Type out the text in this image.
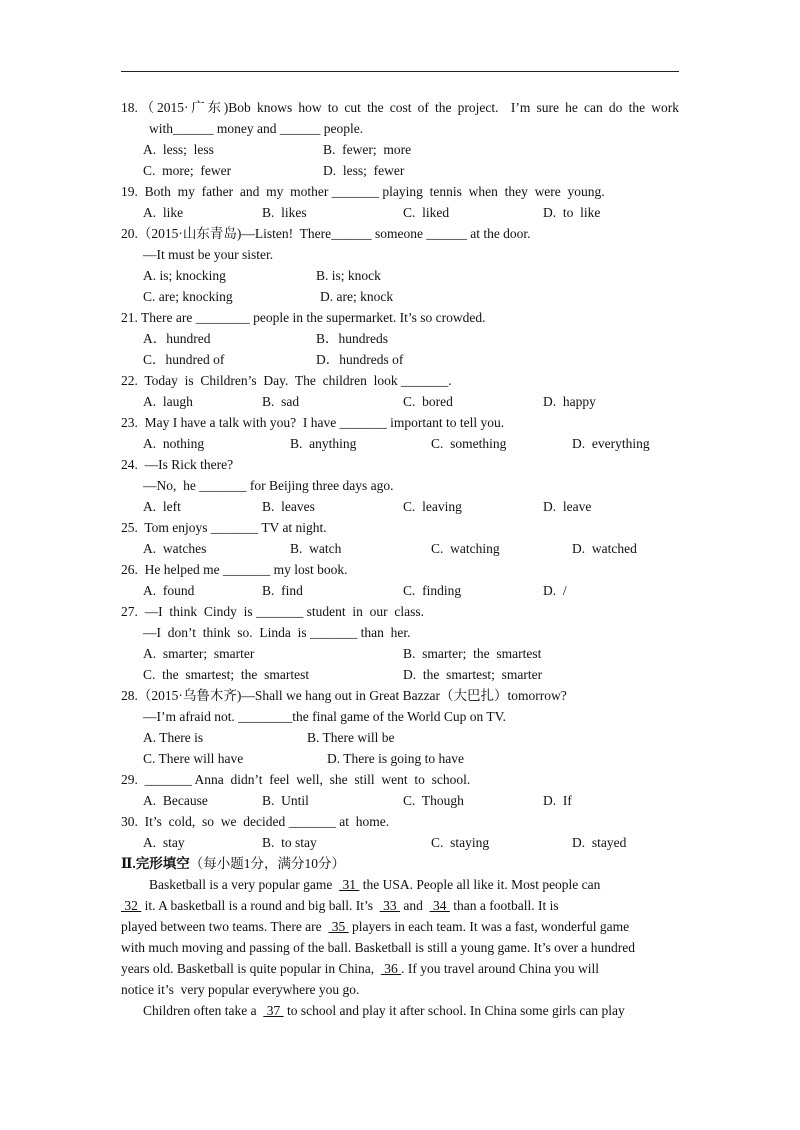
18.（2015·广东)Bob knows how to cut the cost of the project.  I’m sure he can do the work
with______ money and ______ people.
A.  less;  less	B.  fewer;  more
C.  more;  fewer	D.  less;  fewer
19.  Both  my  father  and  my  mother _______ playing  tennis  when  they  were  young.
A.  like	B.  likes	C.  liked	D.  to  like
20.（2015·山东青岛)—Listen!  There______ someone ______ at the door.
—It must be your sister.
A. is; knocking	B. is; knock
C. are; knocking	D. are; knock
21. There are ________ people in the supermarket. It’s so crowded.
A．hundred	B．hundreds
C．hundred of	D．hundreds of
22.  Today  is  Children’s  Day.  The  children  look _______.
A.  laugh	B.  sad	C.  bored	D.  happy
23.  May I have a talk with you?  I have _______ important to tell you.
A.  nothing	B.  anything	C.  something	D.  everything
24.  —Is Rick there?
—No,  he _______ for Beijing three days ago.
A.  left	B.  leaves	C.  leaving	D.  leave
25.  Tom enjoys _______ TV at night.
A.  watches	B.  watch	C.  watching	D.  watched
26.  He helped me _______ my lost book.
A.  found	B.  find	C.  finding	D.  /
27.  —I  think  Cindy  is _______ student  in  our  class.
—I  don’t  think  so.  Linda  is _______ than  her.
A.  smarter;  smarter	B.  smarter;  the  smartest
C.  the  smartest;  the  smartest	D.  the  smartest;  smarter
28.（2015·乌鲁木齐)—Shall we hang out in Great Bazzar（大巴扎）tomorrow?
—I’m afraid not. ________the final game of the World Cup on TV.
A. There is	B. There will be
C. There will have	D. There is going to have
29.  _______ Anna  didn’t  feel  well,  she  still  went  to  school.
A.  Because	B.  Until	C.  Though	D.  If
30.  It’s  cold,  so  we  decided _______ at  home.
A.  stay	B.  to stay	C.  staying	D.  stayed
Ⅱ.完形填空（每小题1分，满分10分）
Basketball is a very popular game   31  the USA. People all like it. Most people can
32  it. A basketball is a round and big ball. It’s   33  and   34  than a football. It is
played between two teams. There are   35  players in each team. It was a fast, wonderful game
with much moving and passing of the ball. Basketball is still a young game. It’s over a hundred
years old. Basketball is quite popular in China,   36 . If you travel around China you will
notice it’s  very popular everywhere you go.
Children often take a   37  to school and play it after school. In China some girls can play
